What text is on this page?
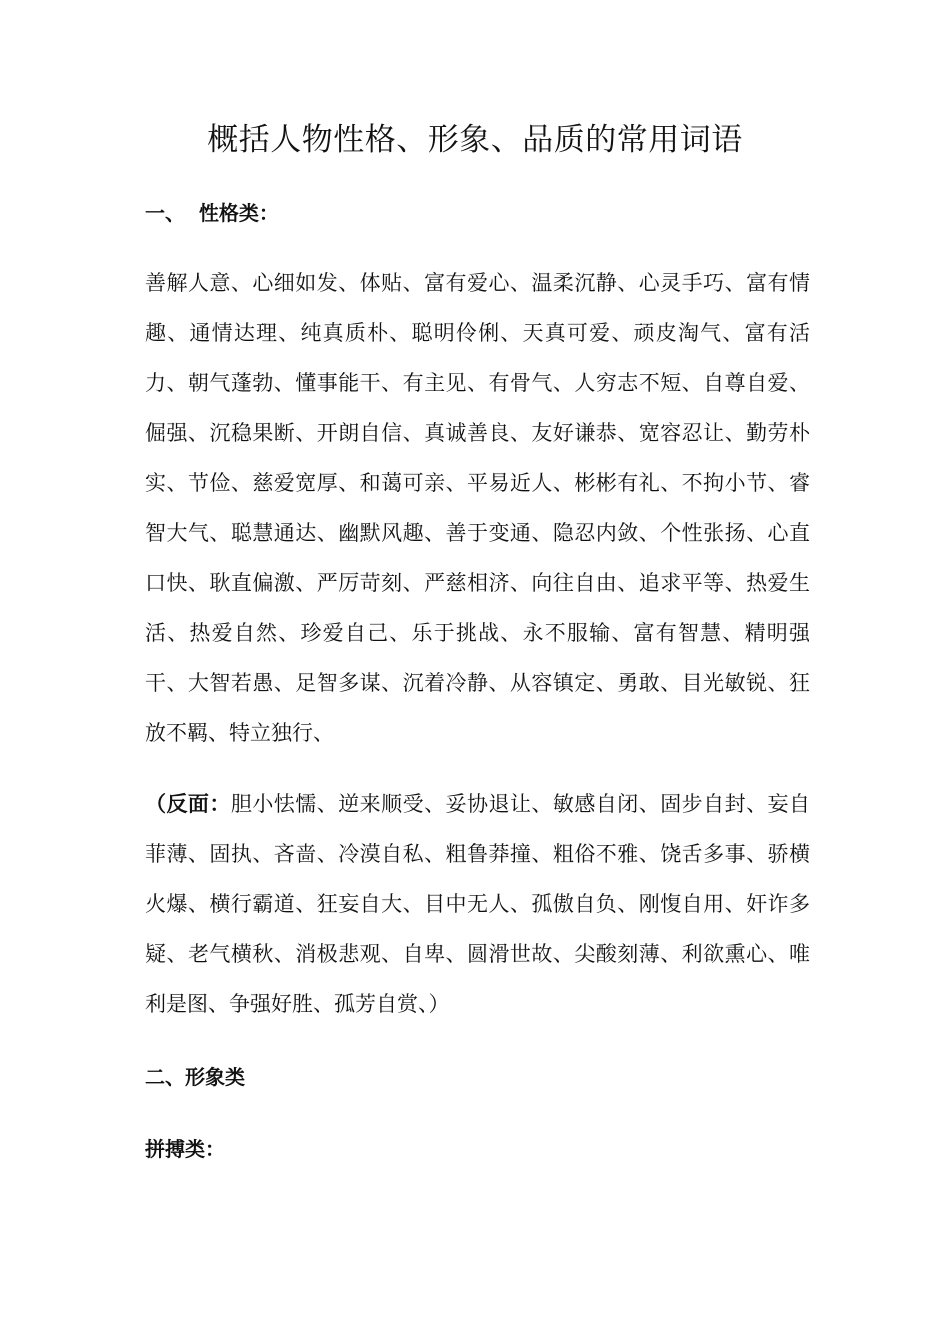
概括人物性格、形象、品质的常用词语
一、  性格类：
善解人意、心细如发、体贴、富有爱心、温柔沉静、心灵手巧、富有情趣、通情达理、纯真质朴、聪明伶俐、天真可爱、顽皮淘气、富有活力、朝气蓬勃、懂事能干、有主见、有骨气、人穷志不短、自尊自爱、倔强、沉稳果断、开朗自信、真诚善良、友好谦恭、宽容忍让、勤劳朴实、节俭、慈爱宽厚、和蔼可亲、平易近人、彬彬有礼、不拘小节、睿智大气、聪慧通达、幽默风趣、善于变通、隐忍内敛、个性张扬、心直口快、耿直偏激、严厉苛刻、严慈相济、向往自由、追求平等、热爱生活、热爱自然、珍爱自己、乐于挑战、永不服输、富有智慧、精明强干、大智若愚、足智多谋、沉着冷静、从容镇定、勇敢、目光敏锐、狂放不羁、特立独行、
（反面：胆小怯懦、逆来顺受、妥协退让、敏感自闭、固步自封、妄自菲薄、固执、吝啬、冷漠自私、粗鲁莽撞、粗俗不雅、饶舌多事、骄横火爆、横行霸道、狂妄自大、目中无人、孤傲自负、刚愎自用、奸诈多疑、老气横秋、消极悲观、自卑、圆滑世故、尖酸刻薄、利欲熏心、唯利是图、争强好胜、孤芳自赏、）
二、形象类
拼搏类：
